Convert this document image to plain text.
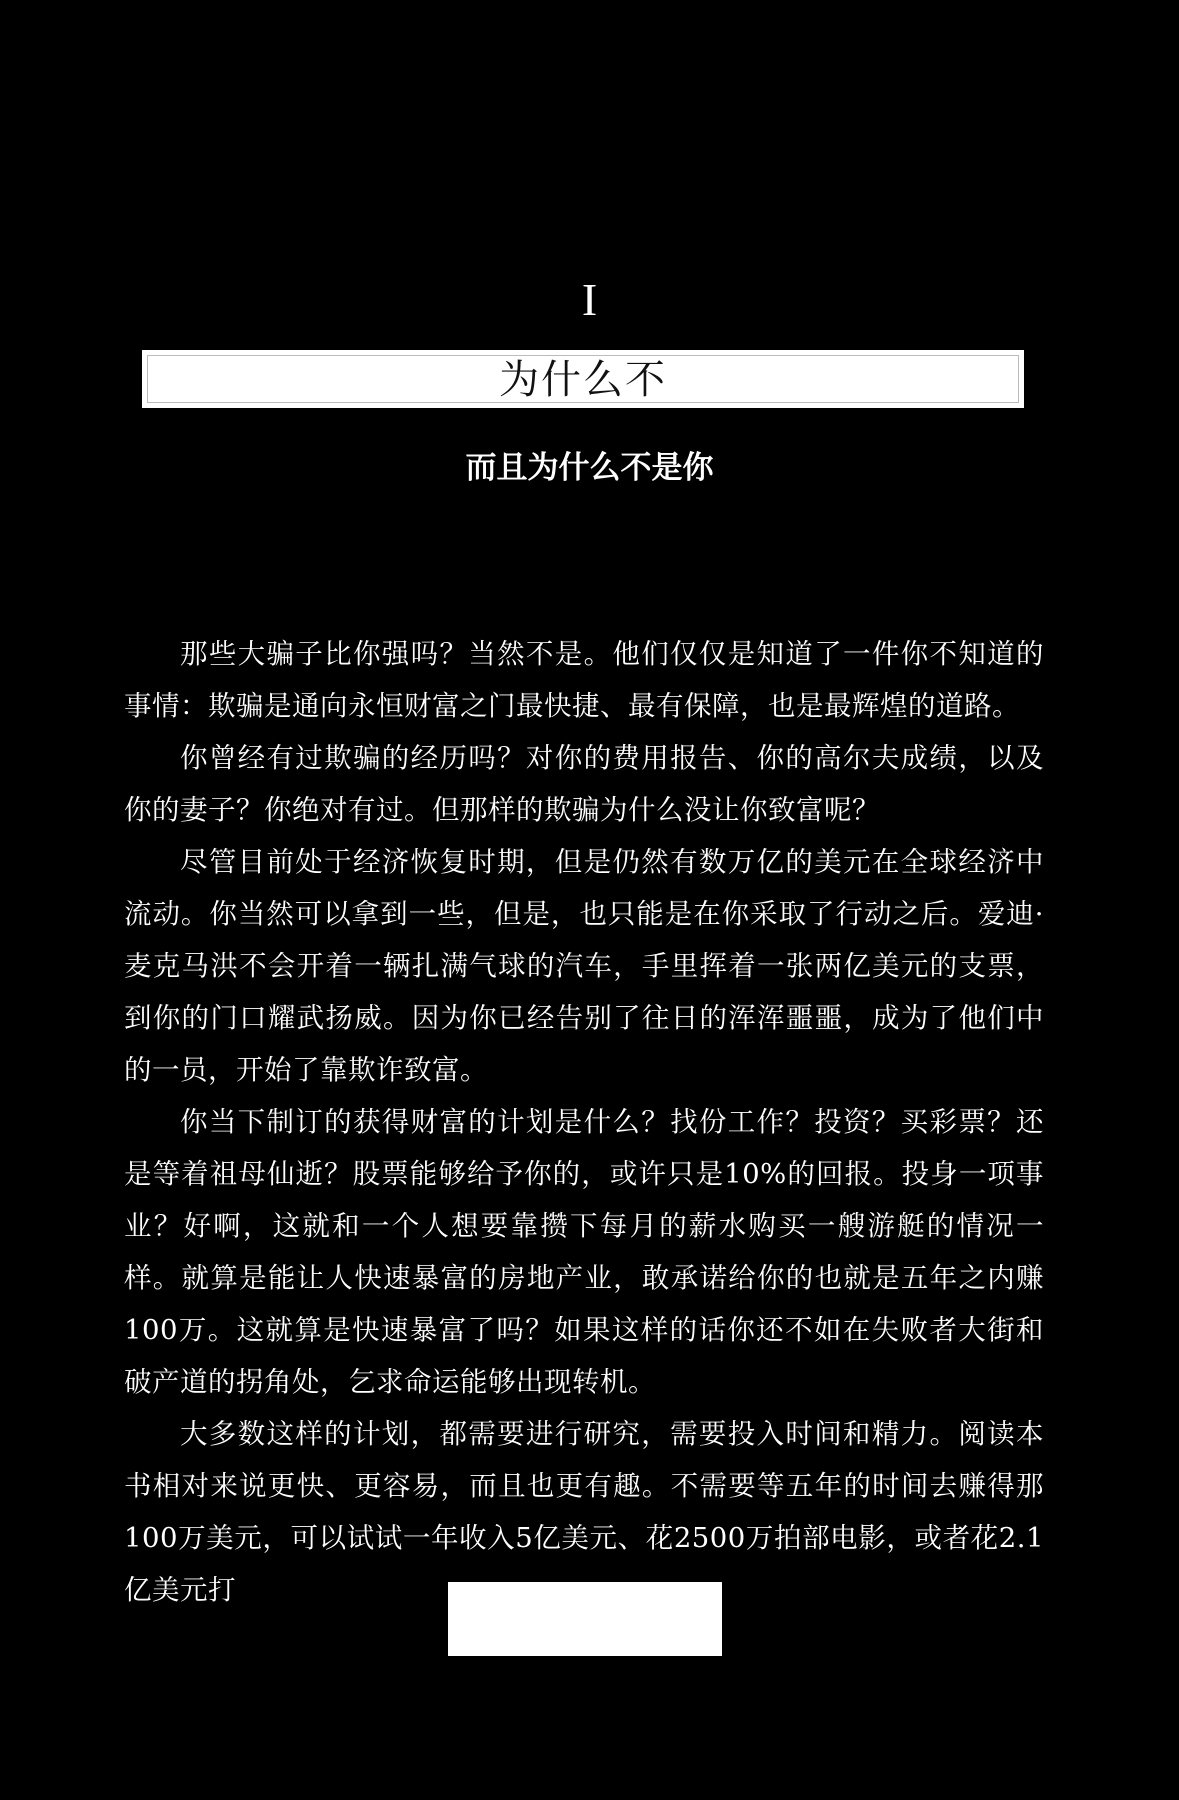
I
为什么不
而且为什么不是你

那些大骗子比你强吗？当然不是。他们仅仅是知道了一件你不知道的事情：欺骗是通向永恒财富之门最快捷、最有保障，也是最辉煌的道路。

你曾经有过欺骗的经历吗？对你的费用报告、你的高尔夫成绩，以及你的妻子？你绝对有过。但那样的欺骗为什么没让你致富呢？

尽管目前处于经济恢复时期，但是仍然有数万亿的美元在全球经济中流动。你当然可以拿到一些，但是，也只能是在你采取了行动之后。爱迪·麦克马洪不会开着一辆扎满气球的汽车，手里挥着一张两亿美元的支票，到你的门口耀武扬威。因为你已经告别了往日的浑浑噩噩，成为了他们中的一员，开始了靠欺诈致富。

你当下制订的获得财富的计划是什么？找份工作？投资？买彩票？还是等着祖母仙逝？股票能够给予你的，或许只是10%的回报。投身一项事业？好啊，这就和一个人想要靠攒下每月的薪水购买一艘游艇的情况一样。就算是能让人快速暴富的房地产业，敢承诺给你的也就是五年之内赚100万。这就算是快速暴富了吗？如果这样的话你还不如在失败者大街和破产道的拐角处，乞求命运能够出现转机。

大多数这样的计划，都需要进行研究，需要投入时间和精力。阅读本书相对来说更快、更容易，而且也更有趣。不需要等五年的时间去赚得那100万美元，可以试试一年收入5亿美元、花2500万拍部电影，或者花2.1亿美元打
